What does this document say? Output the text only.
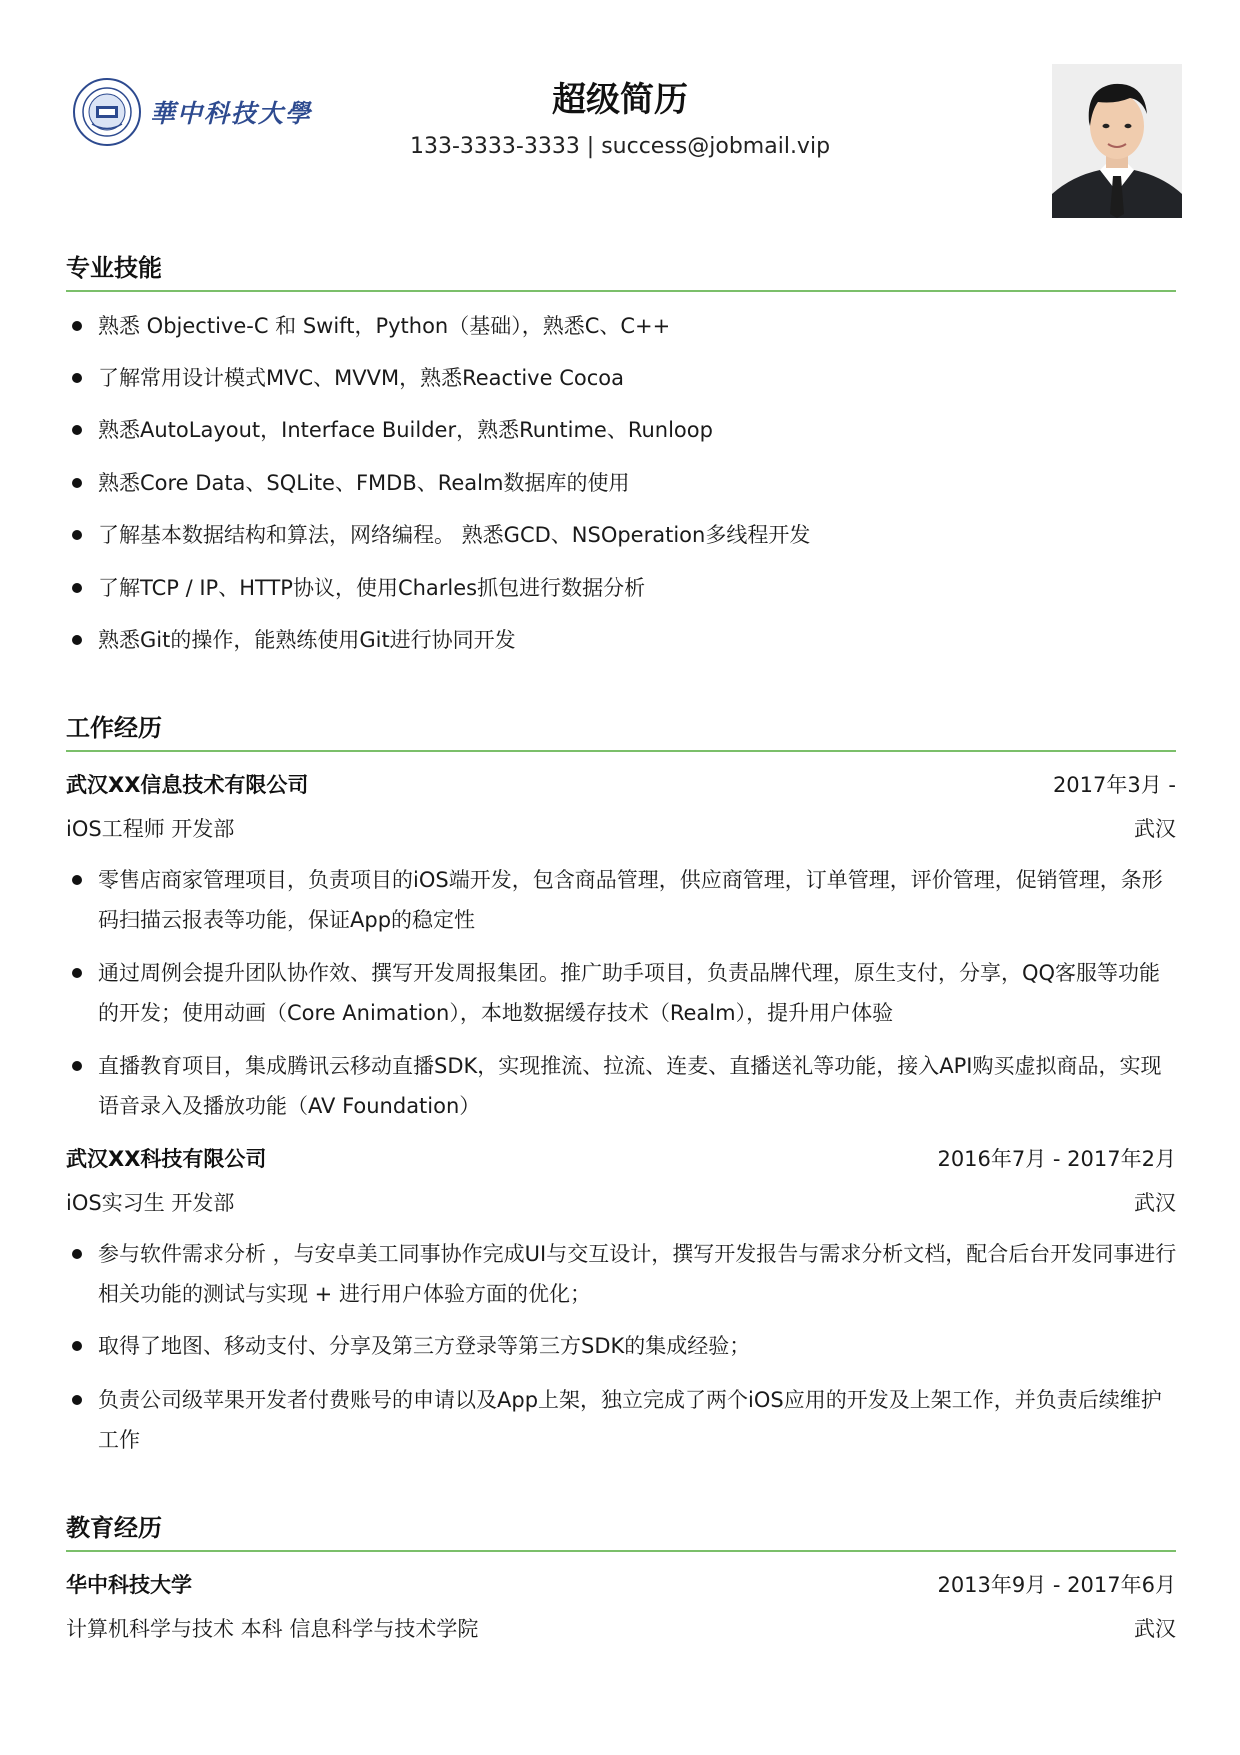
華中科技大學	超级简历
133-3333-3333 | success@jobmail.vip
专业技能
熟悉 Objective-C 和 Swift，Python（基础），熟悉C、C++
了解常用设计模式MVC、MVVM，熟悉Reactive Cocoa
熟悉AutoLayout，Interface Builder，熟悉Runtime、Runloop
熟悉Core Data、SQLite、FMDB、Realm数据库的使用
了解基本数据结构和算法，网络编程。 熟悉GCD、NSOperation多线程开发
了解TCP / IP、HTTP协议，使用Charles抓包进行数据分析
熟悉Git的操作，能熟练使用Git进行协同开发
工作经历
武汉XX信息技术有限公司	2017年3月 -
iOS工程师 开发部	武汉
零售店商家管理项目，负责项目的iOS端开发，包含商品管理，供应商管理，订单管理，评价管理，促销管理，条形码扫描云报表等功能，保证App的稳定性
通过周例会提升团队协作效、撰写开发周报集团。推广助手项目，负责品牌代理，原生支付，分享，QQ客服等功能的开发；使用动画（Core Animation），本地数据缓存技术（Realm），提升用户体验
直播教育项目，集成腾讯云移动直播SDK，实现推流、拉流、连麦、直播送礼等功能，接入API购买虚拟商品，实现语音录入及播放功能（AV Foundation）
武汉XX科技有限公司	2016年7月 - 2017年2月
iOS实习生 开发部	武汉
参与软件需求分析 ，与安卓美工同事协作完成UI与交互设计，撰写开发报告与需求分析文档，配合后台开发同事进行相关功能的测试与实现 + 进行用户体验方面的优化；
取得了地图、移动支付、分享及第三方登录等第三方SDK的集成经验；
负责公司级苹果开发者付费账号的申请以及App上架，独立完成了两个iOS应用的开发及上架工作，并负责后续维护工作
教育经历
华中科技大学	2013年9月 - 2017年6月
计算机科学与技术 本科 信息科学与技术学院	武汉
